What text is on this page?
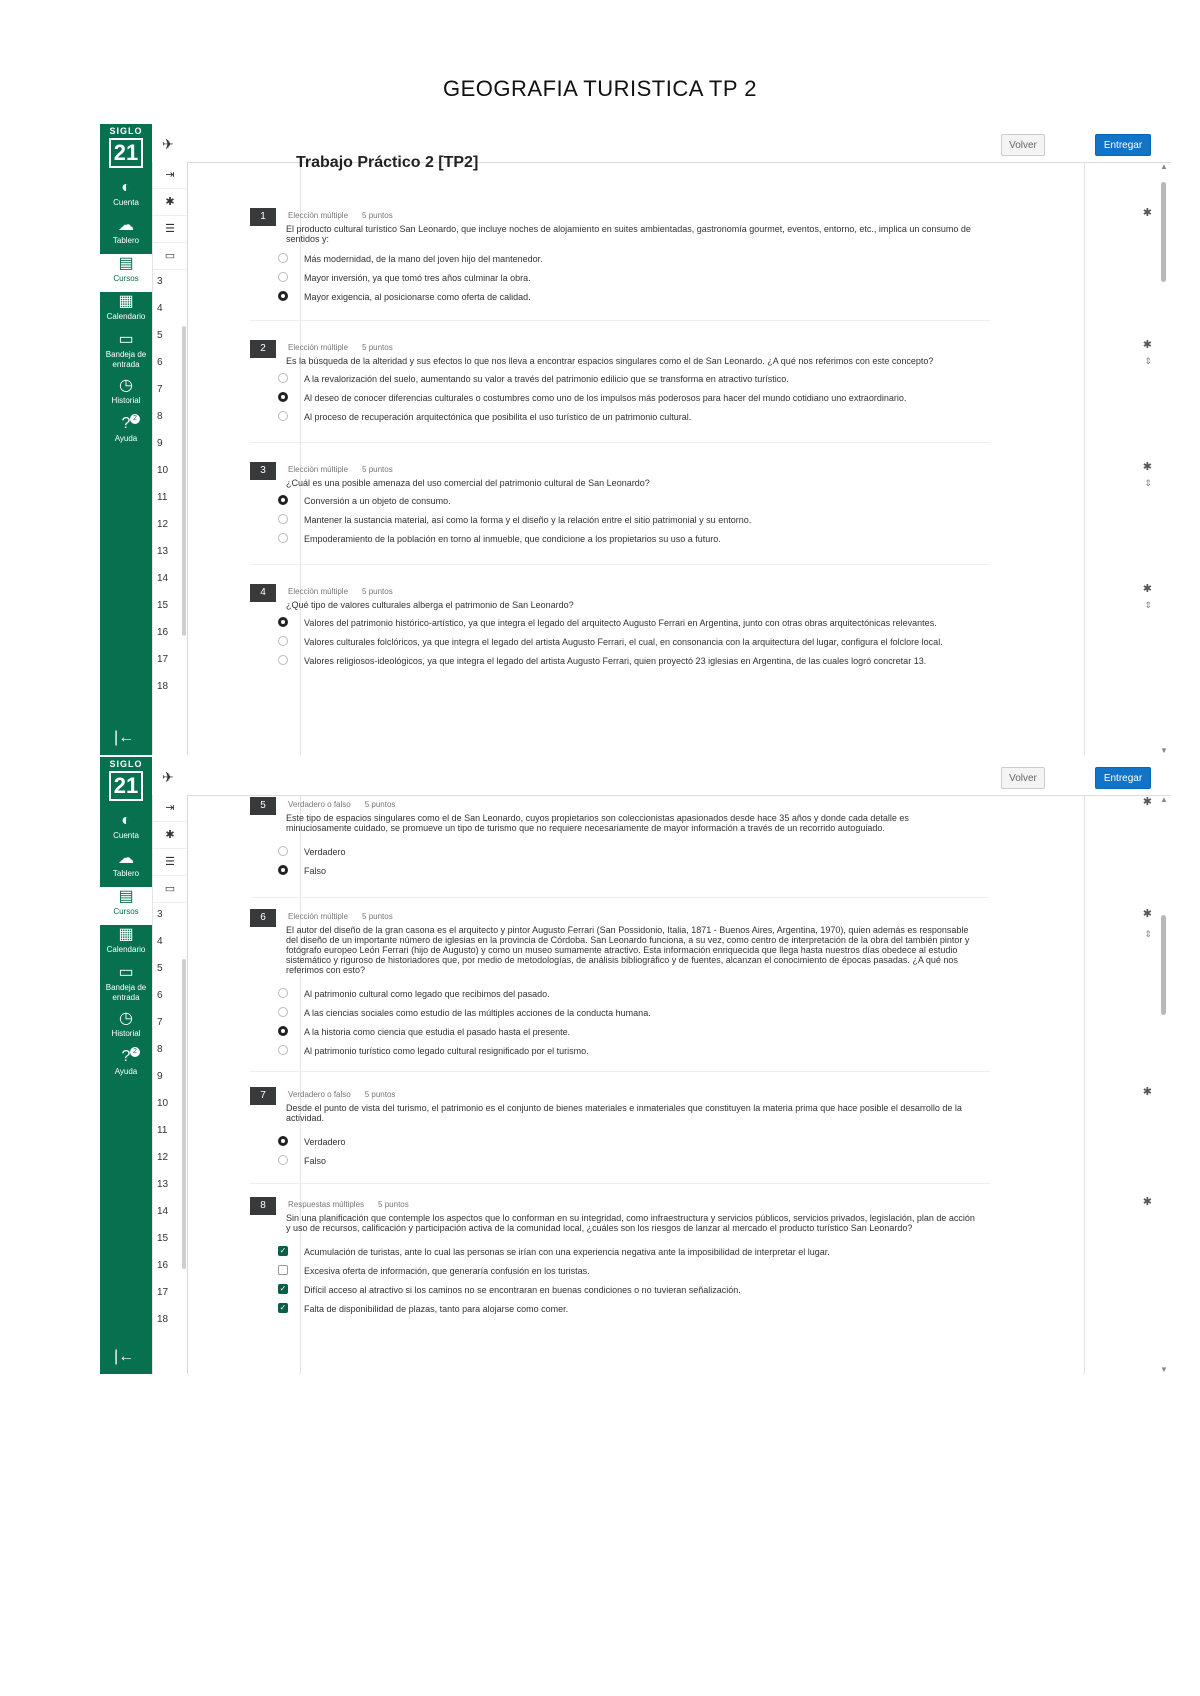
GEOGRAFIA TURISTICA TP 2
SIGLO
21
◐
Cuenta
☁
Tablero
▤
Cursos
▦
Calendario
▭
Bandeja de entrada
◷
Historial
? 2
Ayuda
|←
✈	Volver	Entregar
⇥
✱
☰
▭
3
4
5
6
7
8
9
10
11
12
13
14
15
16
17
18
Trabajo Práctico 2 [TP2]	▲
▼
1	Elección múltiple 5 puntos	✱
El producto cultural turístico San Leonardo, que incluye noches de alojamiento en suites ambientadas, gastronomía gourmet, eventos, entorno, etc., implica un consumo de sentidos y:
Más modernidad, de la mano del joven hijo del mantenedor.
Mayor inversión, ya que tomó tres años culminar la obra.
Mayor exigencia, al posicionarse como oferta de calidad.
2	Elección múltiple 5 puntos	✱
⇕
Es la búsqueda de la alteridad y sus efectos lo que nos lleva a encontrar espacios singulares como el de San Leonardo. ¿A qué nos referimos con este concepto?
A la revalorización del suelo, aumentando su valor a través del patrimonio edilicio que se transforma en atractivo turístico.
Al deseo de conocer diferencias culturales o costumbres como uno de los impulsos más poderosos para hacer del mundo cotidiano uno extraordinario.
Al proceso de recuperación arquitectónica que posibilita el uso turístico de un patrimonio cultural.
3	Elección múltiple 5 puntos	✱
⇕
¿Cuál es una posible amenaza del uso comercial del patrimonio cultural de San Leonardo?
Conversión a un objeto de consumo.
Mantener la sustancia material, así como la forma y el diseño y la relación entre el sitio patrimonial y su entorno.
Empoderamiento de la población en torno al inmueble, que condicione a los propietarios su uso a futuro.
4	Elección múltiple 5 puntos	✱
⇕
¿Qué tipo de valores culturales alberga el patrimonio de San Leonardo?
Valores del patrimonio histórico-artístico, ya que integra el legado del arquitecto Augusto Ferrari en Argentina, junto con otras obras arquitectónicas relevantes.
Valores culturales folclóricos, ya que integra el legado del artista Augusto Ferrari, el cual, en consonancia con la arquitectura del lugar, configura el folclore local.
Valores religiosos-ideológicos, ya que integra el legado del artista Augusto Ferrari, quien proyectó 23 iglesias en Argentina, de las cuales logró concretar 13.
SIGLO
21
◐
Cuenta
☁
Tablero
▤
Cursos
▦
Calendario
▭
Bandeja de entrada
◷
Historial
? 2
Ayuda
|←
✈	Volver	Entregar
⇥
✱
☰
▭
3
4
5
6
7
8
9
10
11
12
13
14
15
16
17
18
▲
▼
5	Verdadero o falso 5 puntos	✱
Este tipo de espacios singulares como el de San Leonardo, cuyos propietarios son coleccionistas apasionados desde hace 35 años y donde cada detalle es minuciosamente cuidado, se promueve un tipo de turismo que no requiere necesariamente de mayor información a través de un recorrido autoguiado.
Verdadero
Falso
6	Elección múltiple 5 puntos	✱
⇕
El autor del diseño de la gran casona es el arquitecto y pintor Augusto Ferrari (San Possidonio, Italia, 1871 - Buenos Aires, Argentina, 1970), quien además es responsable del diseño de un importante número de iglesias en la provincia de Córdoba. San Leonardo funciona, a su vez, como centro de interpretación de la obra del también pintor y fotógrafo europeo León Ferrari (hijo de Augusto) y como un museo sumamente atractivo. Esta información enriquecida que llega hasta nuestros días obedece al estudio sistemático y riguroso de historiadores que, por medio de metodologías, de análisis bibliográfico y de fuentes, alcanzan el conocimiento de épocas pasadas. ¿A qué nos referimos con esto?
Al patrimonio cultural como legado que recibimos del pasado.
A las ciencias sociales como estudio de las múltiples acciones de la conducta humana.
A la historia como ciencia que estudia el pasado hasta el presente.
Al patrimonio turístico como legado cultural resignificado por el turismo.
7	Verdadero o falso 5 puntos	✱
Desde el punto de vista del turismo, el patrimonio es el conjunto de bienes materiales e inmateriales que constituyen la materia prima que hace posible el desarrollo de la actividad.
Verdadero
Falso
8	Respuestas múltiples 5 puntos	✱
Sin una planificación que contemple los aspectos que lo conforman en su integridad, como infraestructura y servicios públicos, servicios privados, legislación, plan de acción y uso de recursos, calificación y participación activa de la comunidad local, ¿cuáles son los riesgos de lanzar al mercado el producto turístico San Leonardo?
✓ Acumulación de turistas, ante lo cual las personas se irían con una experiencia negativa ante la imposibilidad de interpretar el lugar.
Excesiva oferta de información, que generaría confusión en los turistas.
✓ Difícil acceso al atractivo si los caminos no se encontraran en buenas condiciones o no tuvieran señalización.
✓ Falta de disponibilidad de plazas, tanto para alojarse como comer.
